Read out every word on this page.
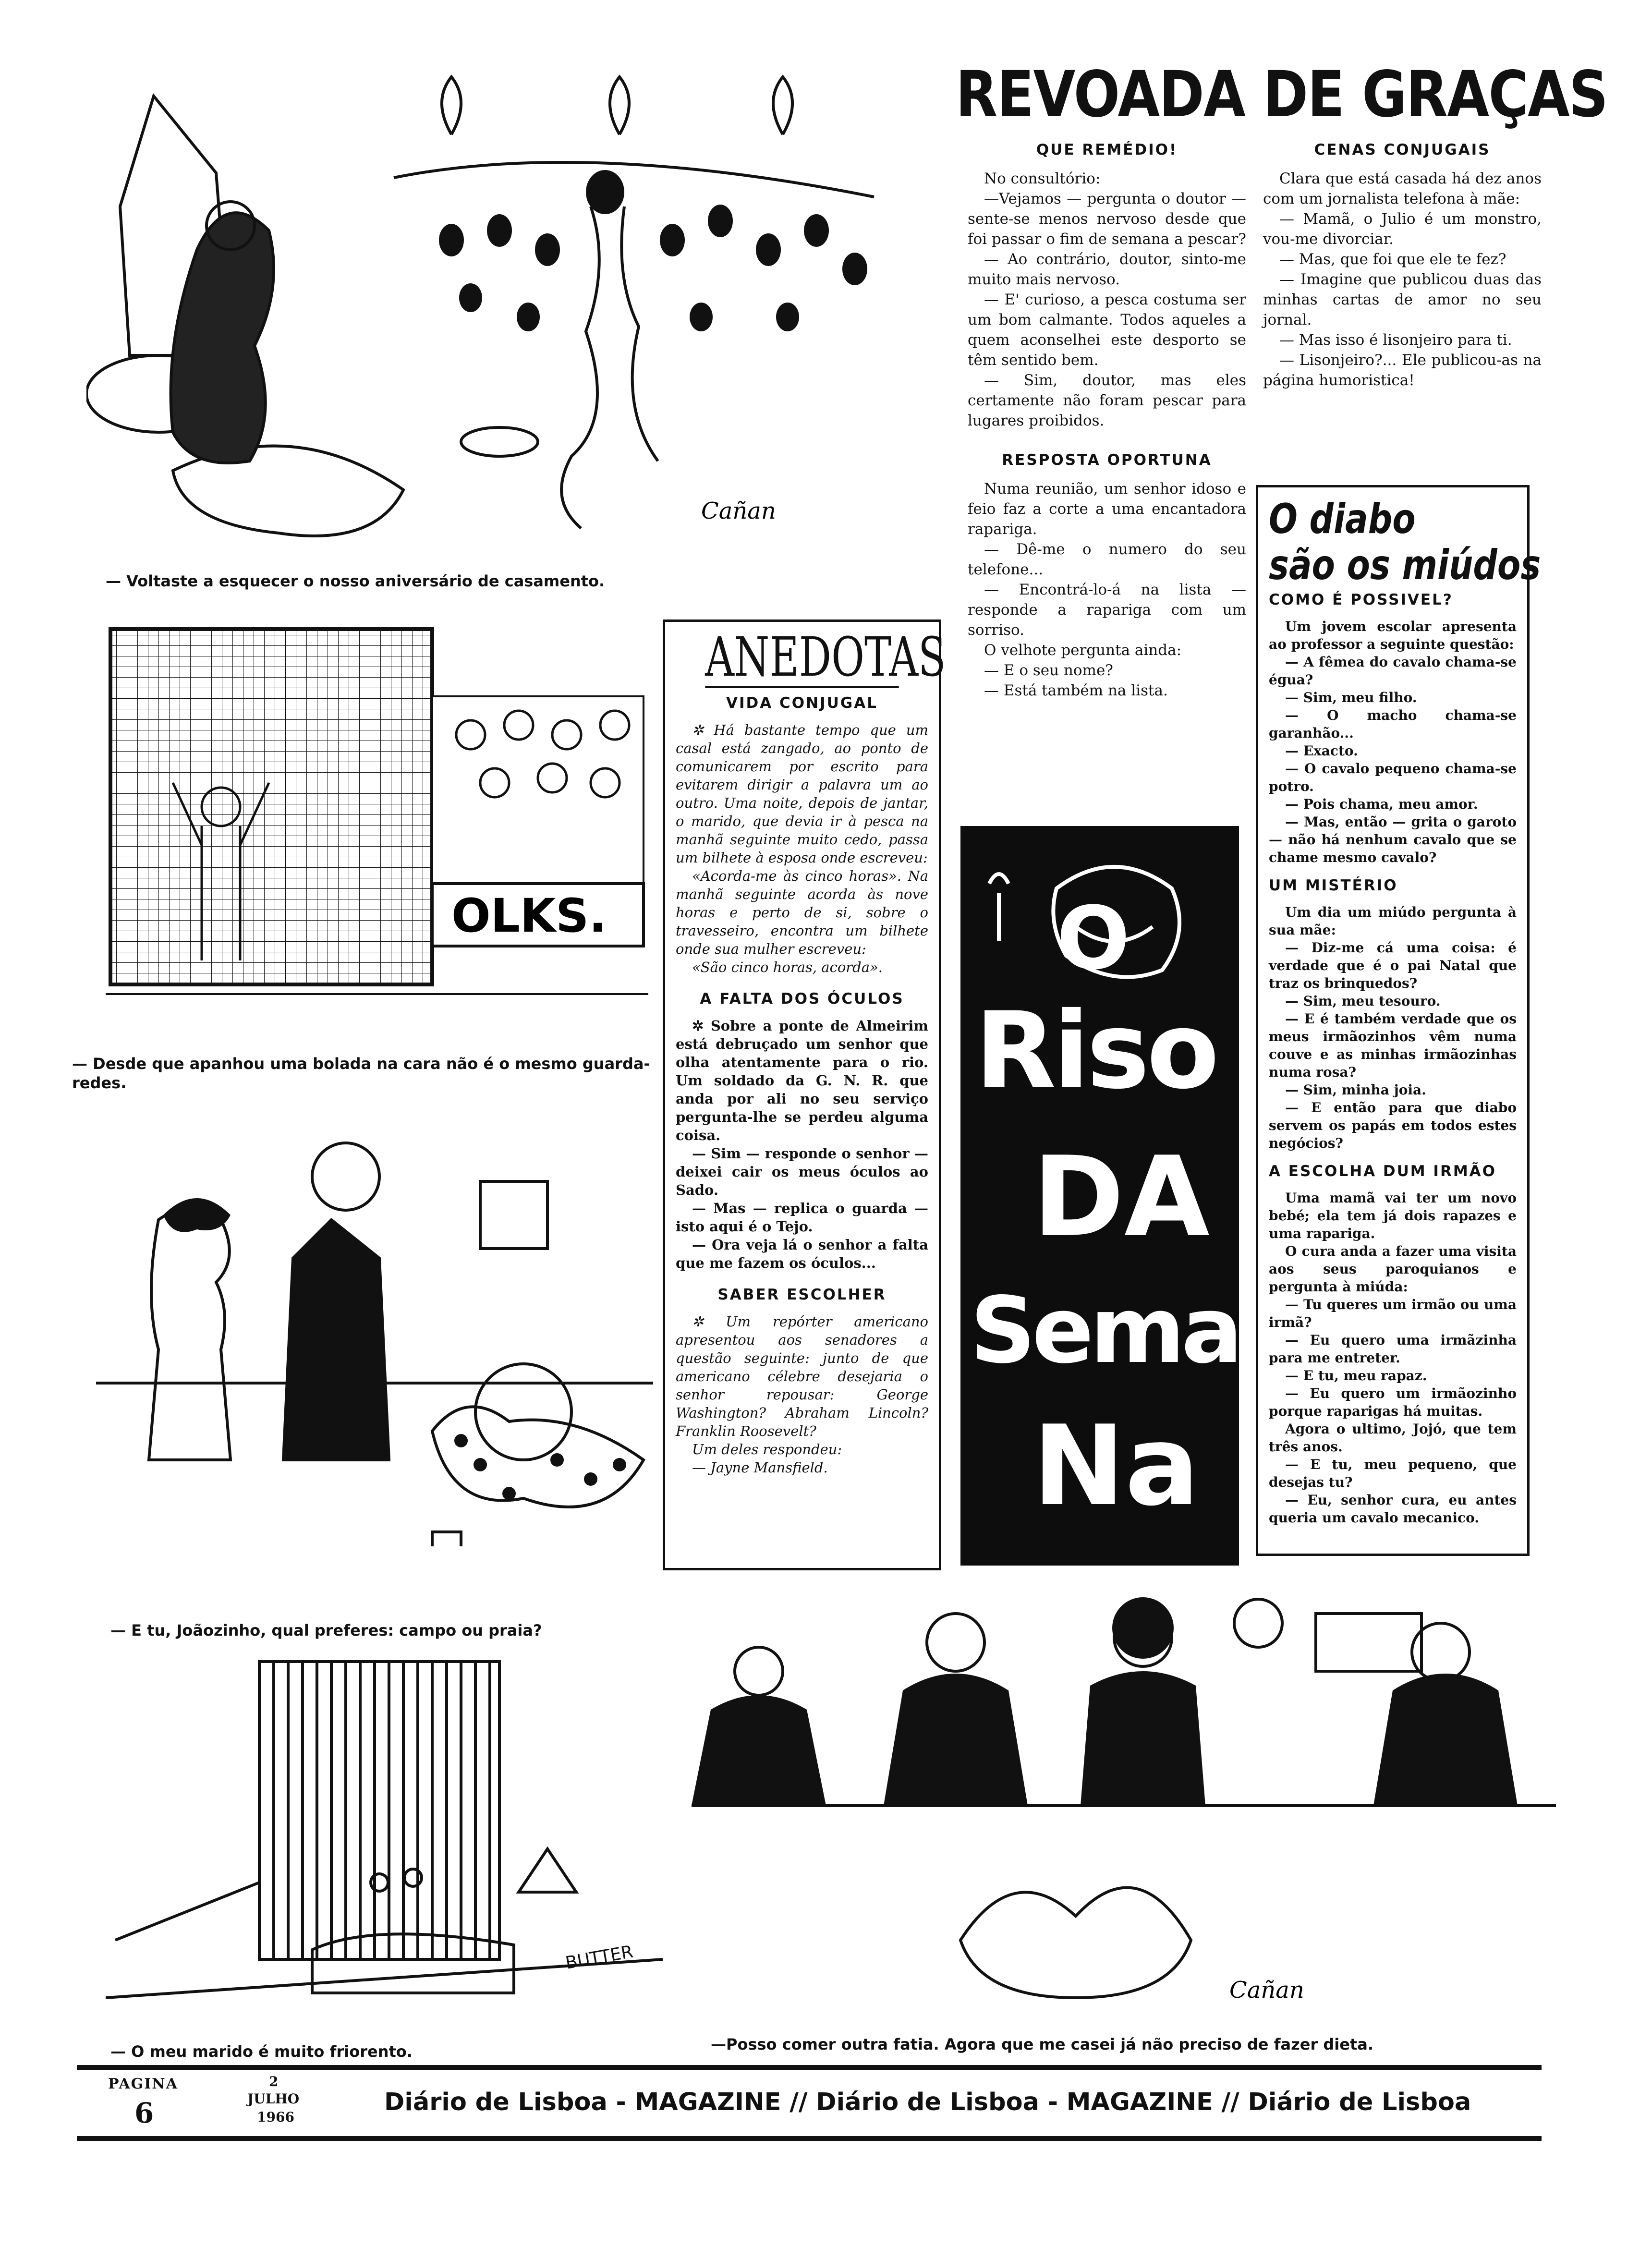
Cañan
— Voltaste a esquecer o nosso aniversário de casamento.
OLKS.
— Desde que apanhou uma bolada na cara não é o mesmo guarda-redes.
— E tu, Joãozinho, qual preferes: campo ou praia?
BUTTER
— O meu marido é muito friorento.
Cañan
—Posso comer outra fatia. Agora que me casei já não preciso de fazer dieta.
REVOADA DE GRAÇAS
QUE REMÉDIO!

No consultório:

—Vejamos — pergunta o doutor — sente-se menos nervoso desde que foi passar o fim de semana a pescar?

— Ao contrário, doutor, sinto-me muito mais nervoso.

— E' curioso, a pesca costuma ser um bom calmante. Todos aqueles a quem aconselhei este desporto se têm sentido bem.

— Sim, doutor, mas eles certamente não foram pescar para lugares proibidos.

RESPOSTA OPORTUNA

Numa reunião, um senhor idoso e feio faz a corte a uma encantadora rapariga.

— Dê-me o numero do seu telefone...

— Encontrá-lo-á na lista — responde a rapariga com um sorriso.

O velhote pergunta ainda:

— E o seu nome?

— Está também na lista.

CENAS CONJUGAIS

Clara que está casada há dez anos com um jornalista telefona à mãe:

— Mamã, o Julio é um monstro, vou-me divorciar.

— Mas, que foi que ele te fez?

— Imagine que publicou duas das minhas cartas de amor no seu jornal.

— Mas isso é lisonjeiro para ti.

— Lisonjeiro?... Ele publicou-as na página humoristica!

ANEDOTAS
VIDA CONJUGAL

✲ Há bastante tempo que um casal está zangado, ao ponto de comunicarem por escrito para evitarem dirigir a palavra um ao outro. Uma noite, depois de jantar, o marido, que devia ir à pesca na manhã seguinte muito cedo, passa um bilhete à esposa onde escreveu:

«Acorda-me às cinco horas». Na manhã seguinte acorda às nove horas e perto de si, sobre o travesseiro, encontra um bilhete onde sua mulher escreveu:

«São cinco horas, acorda».

A FALTA DOS ÓCULOS

✲ Sobre a ponte de Almeirim está debruçado um senhor que olha atentamente para o rio. Um soldado da G. N. R. que anda por ali no seu serviço pergunta-lhe se perdeu alguma coisa.

— Sim — responde o senhor — deixei cair os meus óculos ao Sado.

— Mas — replica o guarda — isto aqui é o Tejo.

— Ora veja lá o senhor a falta que me fazem os óculos...

SABER ESCOLHER

✲ Um repórter americano apresentou aos senadores a questão seguinte: junto de que americano célebre desejaria o senhor repousar: George Washington? Abraham Lincoln? Franklin Roosevelt?

Um deles respondeu:

— Jayne Mansfield.

O
Riso
DA
Sema
Na
O diabo
são os miúdos
COMO É POSSIVEL?

Um jovem escolar apresenta ao professor a seguinte questão:

— A fêmea do cavalo chama-se égua?

— Sim, meu filho.

— O macho chama-se garanhão...

— Exacto.

— O cavalo pequeno chama-se potro.

— Pois chama, meu amor.

— Mas, então — grita o garoto — não há nenhum cavalo que se chame mesmo cavalo?

UM MISTÉRIO

Um dia um miúdo pergunta à sua mãe:

— Diz-me cá uma coisa: é verdade que é o pai Natal que traz os brinquedos?

— Sim, meu tesouro.

— E é também verdade que os meus irmãozinhos vêm numa couve e as minhas irmãozinhas numa rosa?

— Sim, minha joia.

— E então para que diabo servem os papás em todos estes negócios?

A ESCOLHA DUM IRMÃO

Uma mamã vai ter um novo bebé; ela tem já dois rapazes e uma rapariga.

O cura anda a fazer uma visita aos seus paroquianos e pergunta à miúda:

— Tu queres um irmão ou uma irmã?

— Eu quero uma irmãzinha para me entreter.

— E tu, meu rapaz.

— Eu quero um irmãozinho porque raparigas há muitas.

Agora o ultimo, Jojó, que tem três anos.

— E tu, meu pequeno, que desejas tu?

— Eu, senhor cura, eu antes queria um cavalo mecanico.

PAGINA
6
2
JULHO
1966
Diário de Lisboa - MAGAZINE // Diário de Lisboa - MAGAZINE // Diário de Lisboa
